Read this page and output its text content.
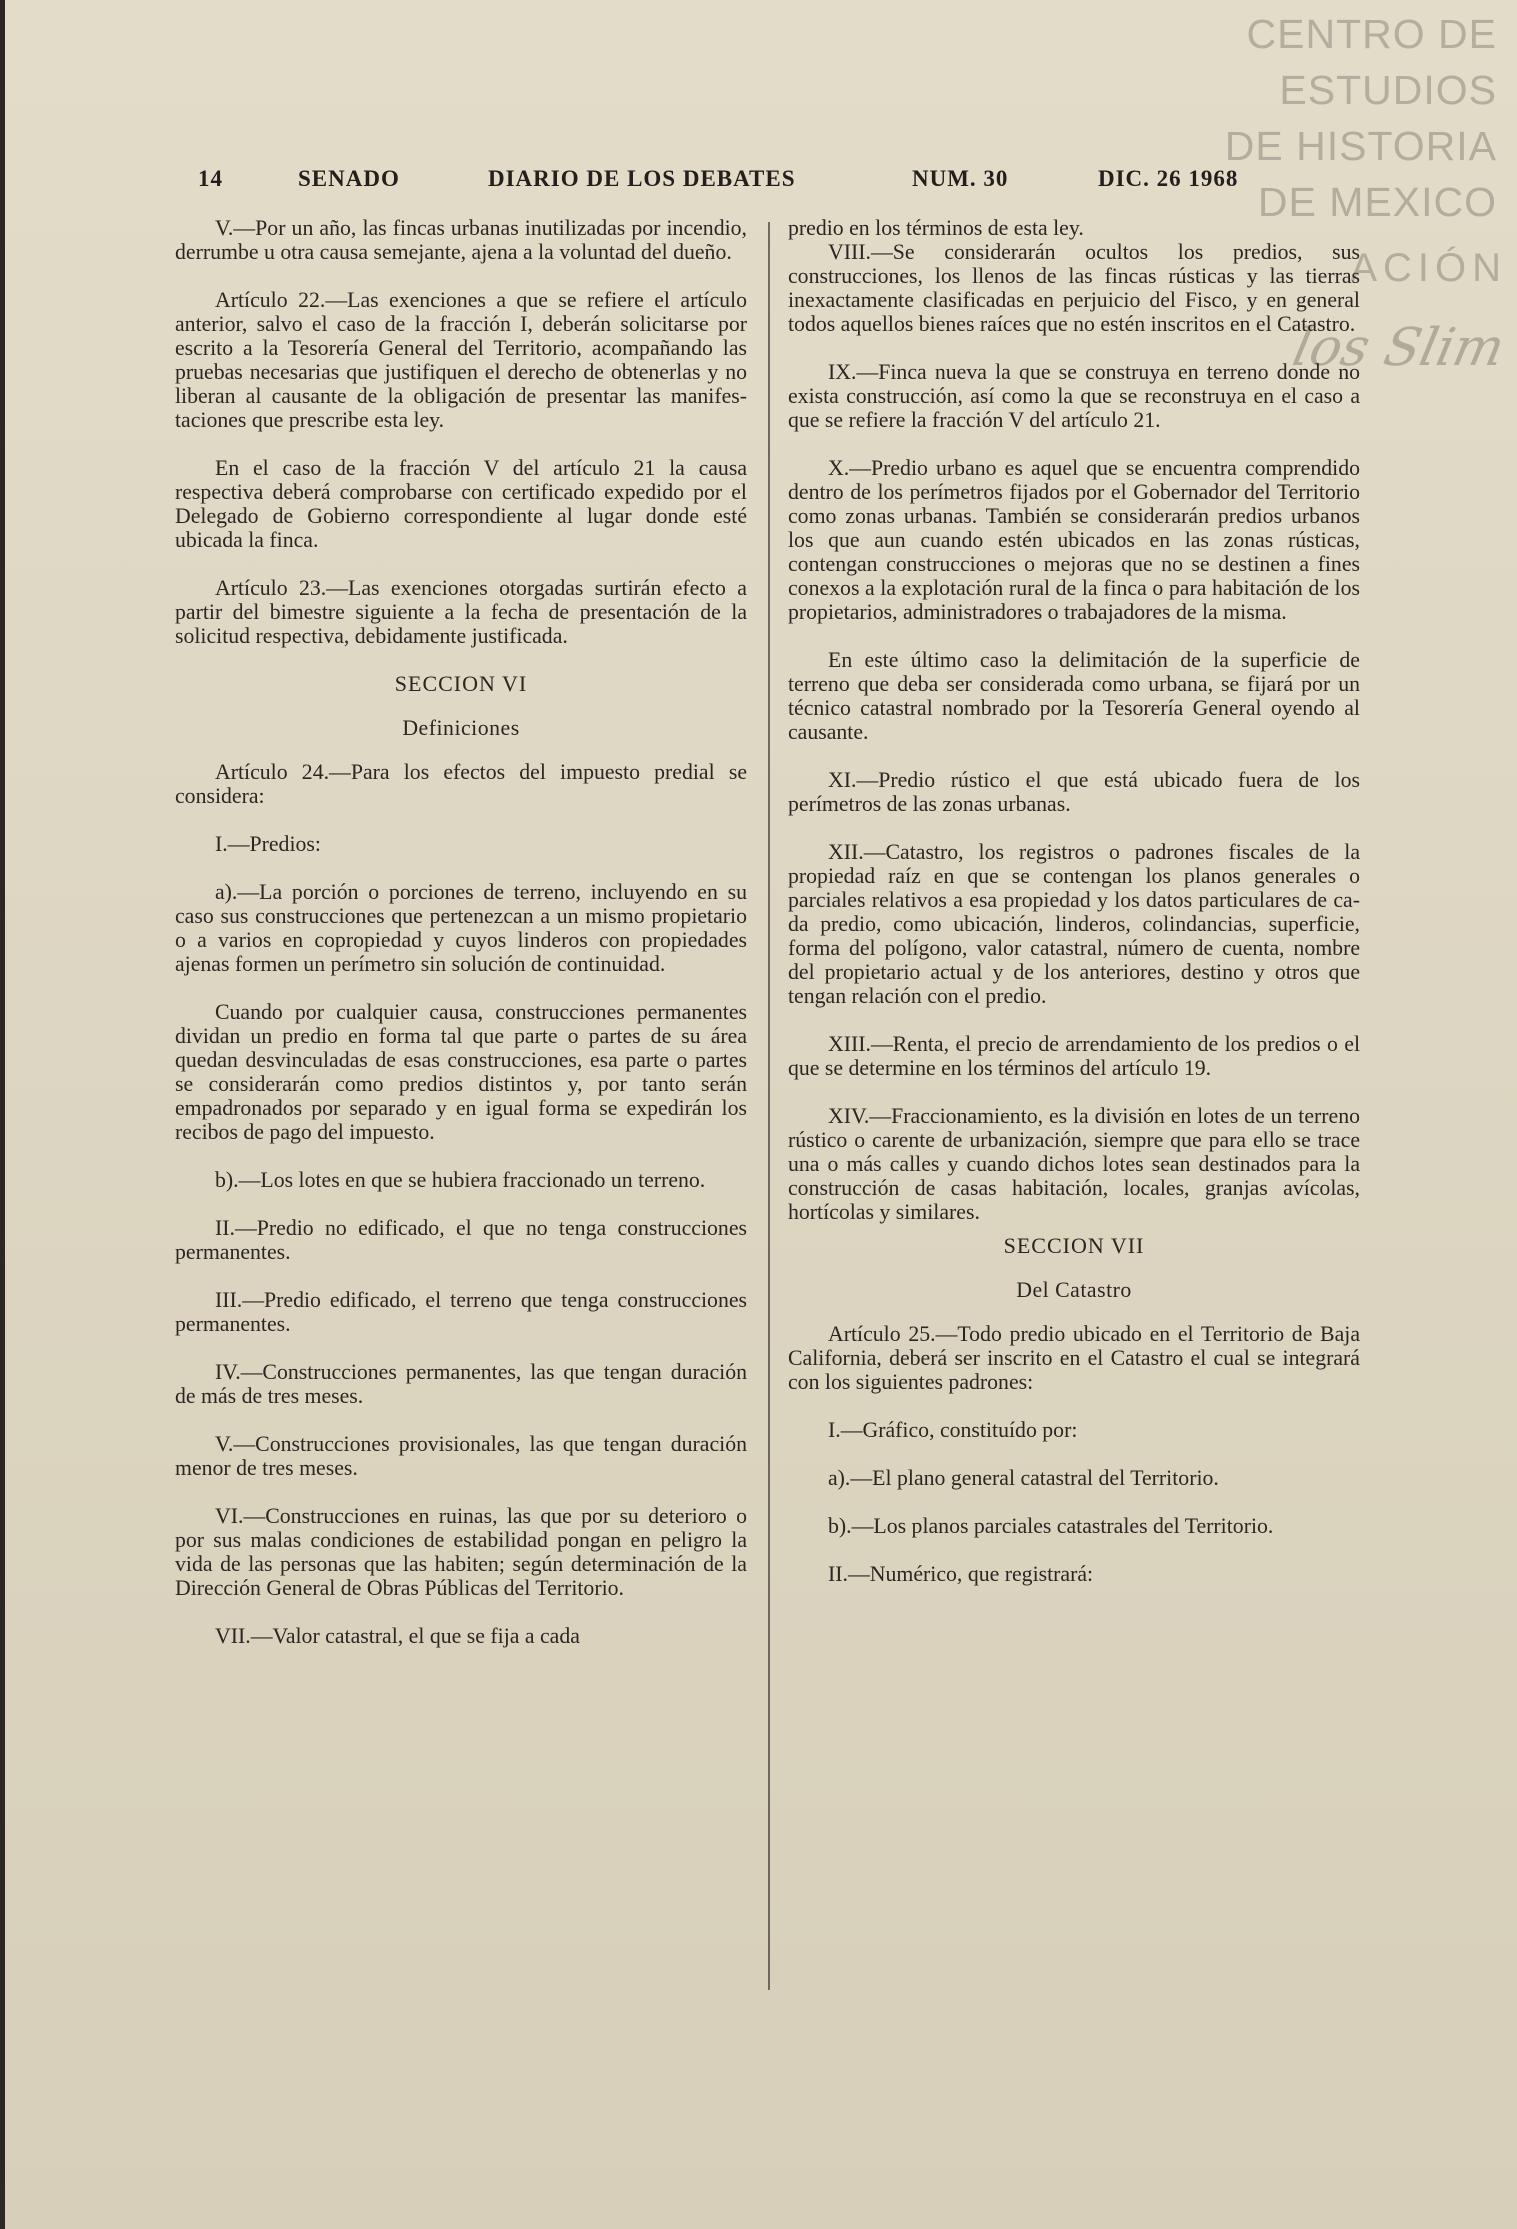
CENTRO DE
ESTUDIOS
DE HISTORIA
DE MEXICO
ACIÓN
los Slim
14	SENADO	DIARIO DE LOS DEBATES	NUM. 30	DIC. 26 1968

V.—Por un año, las fincas urbanas inutilizadas por incendio, derrumbe u otra causa semejante, ajena a la voluntad del dueño.

Artículo 22.—Las exenciones a que se refiere el artículo anterior, salvo el caso de la fracción I, deberán solicitarse por escrito a la Tesorería General del Territorio, acompañando las pruebas necesarias que justifiquen el derecho de obtenerlas y no liberan al causante de la obligación de presentar las manifestaciones que prescribe esta ley.

En el caso de la fracción V del artículo 21 la causa respectiva deberá comprobarse con certificado expedido por el Delegado de Gobierno correspondiente al lugar donde esté ubicada la finca.

Artículo 23.—Las exenciones otorgadas surtirán efecto a partir del bimestre siguiente a la fecha de presentación de la solicitud respectiva, debidamente justificada.

SECCION VI
Definiciones

Artículo 24.—Para los efectos del impuesto predial se considera:

I.—Predios:

a).—La porción o porciones de terreno, incluyendo en su caso sus construcciones que pertenezcan a un mismo propietario o a varios en copropiedad y cuyos linderos con propiedades ajenas formen un perímetro sin solución de continuidad.

Cuando por cualquier causa, construcciones permanentes dividan un predio en forma tal que parte o partes de su área quedan desvinculadas de esas construcciones, esa parte o partes se considerarán como predios distintos y, por tanto serán empadronados por separado y en igual forma se expedirán los recibos de pago del impuesto.

b).—Los lotes en que se hubiera fraccionado un terreno.

II.—Predio no edificado, el que no tenga construcciones permanentes.

III.—Predio edificado, el terreno que tenga construcciones permanentes.

IV.—Construcciones permanentes, las que tengan duración de más de tres meses.

V.—Construcciones provisionales, las que tengan duración menor de tres meses.

VI.—Construcciones en ruinas, las que por su deterioro o por sus malas condiciones de estabilidad pongan en peligro la vida de las personas que las habiten; según determinación de la Dirección General de Obras Públicas del Territorio.

VII.—Valor catastral, el que se fija a cada

predio en los términos de esta ley.

VIII.—Se considerarán ocultos los predios, sus construcciones, los llenos de las fincas rústicas y las tierras inexactamente clasificadas en perjuicio del Fisco, y en general todos aquellos bienes raíces que no estén inscritos en el Catastro.

IX.—Finca nueva la que se construya en terreno donde no exista construcción, así como la que se reconstruya en el caso a que se refiere la fracción V del artículo 21.

X.—Predio urbano es aquel que se encuentra comprendido dentro de los perímetros fijados por el Gobernador del Territorio como zonas urbanas. También se considerarán predios urbanos los que aun cuando estén ubicados en las zonas rústicas, contengan construcciones o mejoras que no se destinen a fines conexos a la explotación rural de la finca o para habitación de los propietarios, administradores o trabajadores de la misma.

En este último caso la delimitación de la superficie de terreno que deba ser considerada como urbana, se fijará por un técnico catastral nombrado por la Tesorería General oyendo al causante.

XI.—Predio rústico el que está ubicado fuera de los perímetros de las zonas urbanas.

XII.—Catastro, los registros o padrones fiscales de la propiedad raíz en que se contengan los planos generales o parciales relativos a esa propiedad y los datos particulares de cada predio, como ubicación, linderos, colindancias, superficie, forma del polígono, valor catastral, número de cuenta, nombre del propietario actual y de los anteriores, destino y otros que tengan relación con el predio.

XIII.—Renta, el precio de arrendamiento de los predios o el que se determine en los términos del artículo 19.

XIV.—Fraccionamiento, es la división en lotes de un terreno rústico o carente de urbanización, siempre que para ello se trace una o más calles y cuando dichos lotes sean destinados para la construcción de casas habitación, locales, granjas avícolas, hortícolas y similares.

SECCION VII
Del Catastro

Artículo 25.—Todo predio ubicado en el Territorio de Baja California, deberá ser inscrito en el Catastro el cual se integrará con los siguientes padrones:

I.—Gráfico, constituído por:

a).—El plano general catastral del Territorio.

b).—Los planos parciales catastrales del Territorio.

II.—Numérico, que registrará:
